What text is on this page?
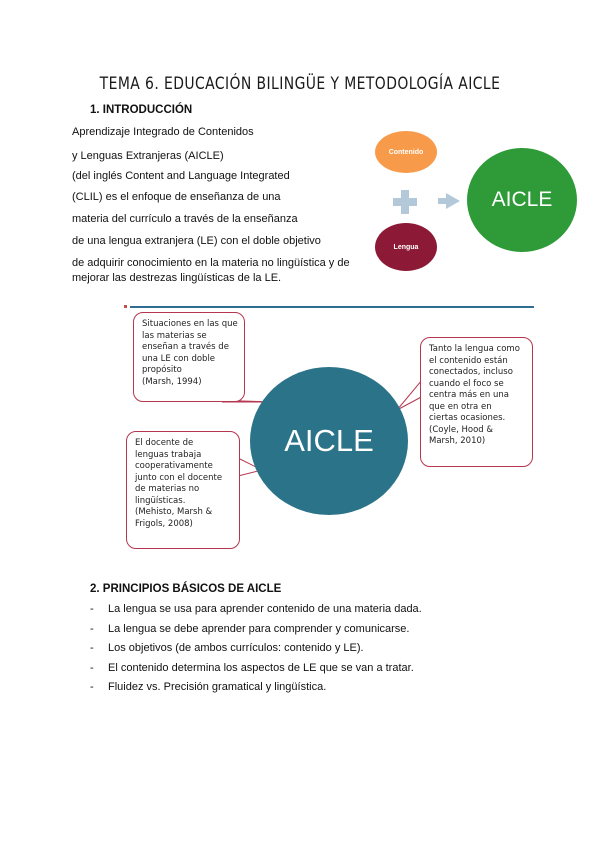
TEMA 6. EDUCACIÓN BILINGÜE Y METODOLOGÍA AICLE
1. INTRODUCCIÓN
Aprendizaje Integrado de Contenidos
y Lenguas Extranjeras (AICLE)
(del inglés Content and Language Integrated
(CLIL) es el enfoque de enseñanza de una
materia del currículo a través de la enseñanza
de una lengua extranjera (LE) con el doble objetivo
de adquirir conocimiento en la materia no lingüística y de
mejorar las destrezas lingüísticas de la LE.
Contenido
Lengua
AICLE
AICLE
Situaciones en las que
las materias se
enseñan a través de
una LE con doble
propósito
(Marsh, 1994)
Tanto la lengua como
el contenido están
conectados, incluso
cuando el foco se
centra más en una
que en otra en
ciertas ocasiones.
(Coyle, Hood &
Marsh, 2010)
El docente de
lenguas trabaja
cooperativamente
junto con el docente
de materias no
lingüísticas.
(Mehisto, Marsh &
Frigols, 2008)
2. PRINCIPIOS BÁSICOS DE AICLE
- La lengua se usa para aprender contenido de una materia dada.
- La lengua se debe aprender para comprender y comunicarse.
- Los objetivos (de ambos currículos: contenido y LE).
- El contenido determina los aspectos de LE que se van a tratar.
- Fluidez vs. Precisión gramatical y lingüística.
